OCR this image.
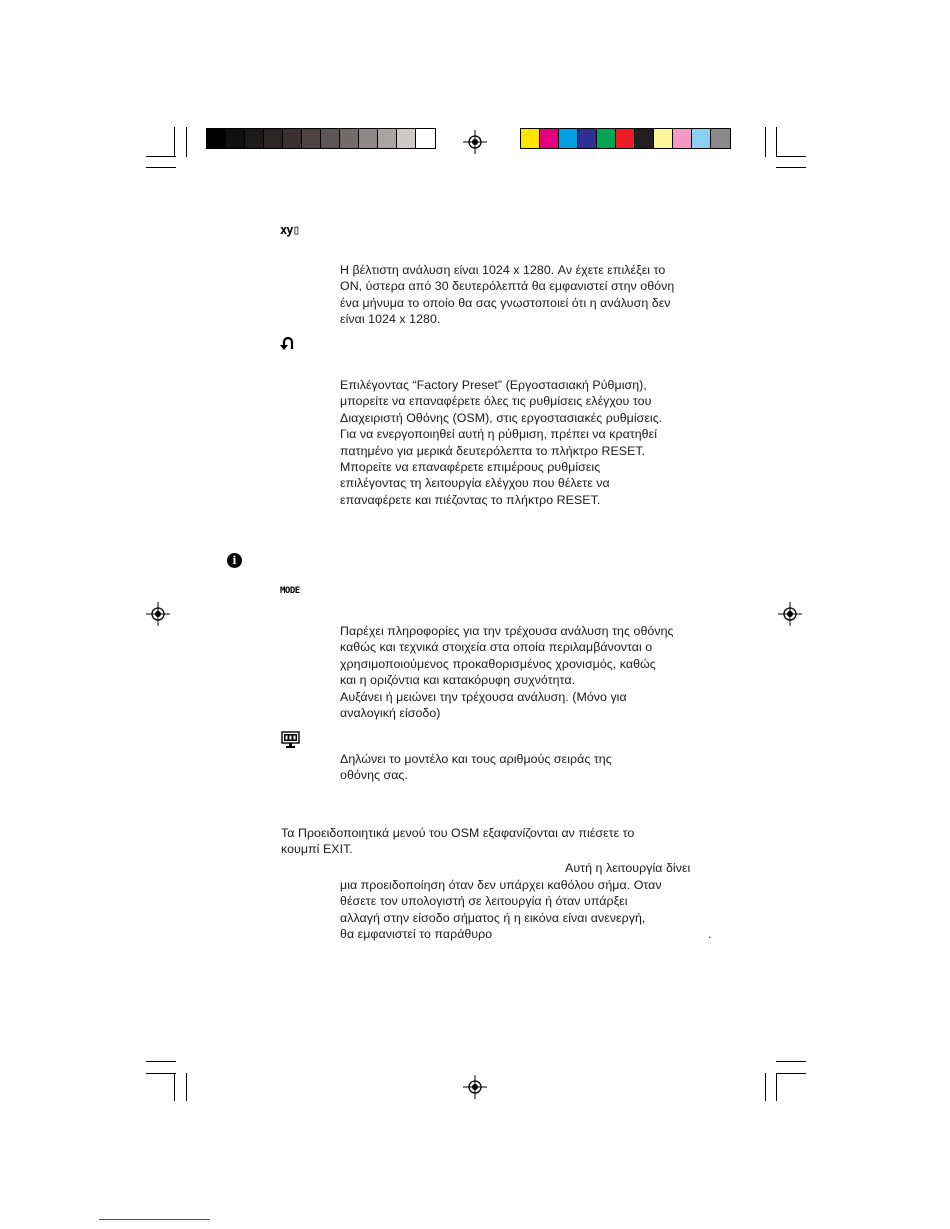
xy▯
Η βέλτιστη ανάλυση είναι 1024 x 1280. Αν έχετε επιλέξει το
ON, ύστερα από 30 δευτερόλεπτά θα εμφανιστεί στην οθόνη
ένα μήνυμα το οποίο θα σας γνωστοποιεί ότι η ανάλυση δεν
είναι 1024 x 1280.
Επιλέγοντας “Factory Preset” (Εργοστασιακή Ρύθμιση),
μπορείτε να επαναφέρετε όλες τις ρυθμίσεις ελέγχου του
Διαχειριστή Οθόνης (OSM), στις εργοστασιακές ρυθμίσεις.
Για να ενεργοποιηθεί αυτή η ρύθμιση, πρέπει να κρατηθεί
πατημένο για μερικά δευτερόλεπτα το πλήκτρο RESET.
Μπορείτε να επαναφέρετε επιμέρους ρυθμίσεις
επιλέγοντας τη λειτουργία ελέγχου που θέλετε να
επαναφέρετε και πιέζοντας το πλήκτρο RESET.
i
MODE
Παρέχει πληροφορίες για την τρέχουσα ανάλυση της οθόνης
καθώς και τεχνικά στοιχεία στα οποία περιλαμβάνονται ο
χρησιμοποιούμενος προκαθορισμένος χρονισμός, καθώς
και η οριζόντια και κατακόρυφη συχνότητα.
Αυξάνει ή μειώνει την τρέχουσα ανάλυση. (Μόνο για
αναλογική είσοδο)
Δηλώνει το μοντέλο και τους αριθμούς σειράς της
οθόνης σας.
Τα Προειδοποιητικά μενού του OSM εξαφανίζονται αν πιέσετε το
κουμπί EXIT.
Αυτή η λειτουργία δίνει
μια προειδοποίηση όταν δεν υπάρχει καθόλου σήμα. Οταν
θέσετε τον υπολογιστή σε λειτουργία ή όταν υπάρξει
αλλαγή στην είσοδο σήματος ή η εικόνα είναι ανενεργή,
θα εμφανιστεί το παράθυρο	.
